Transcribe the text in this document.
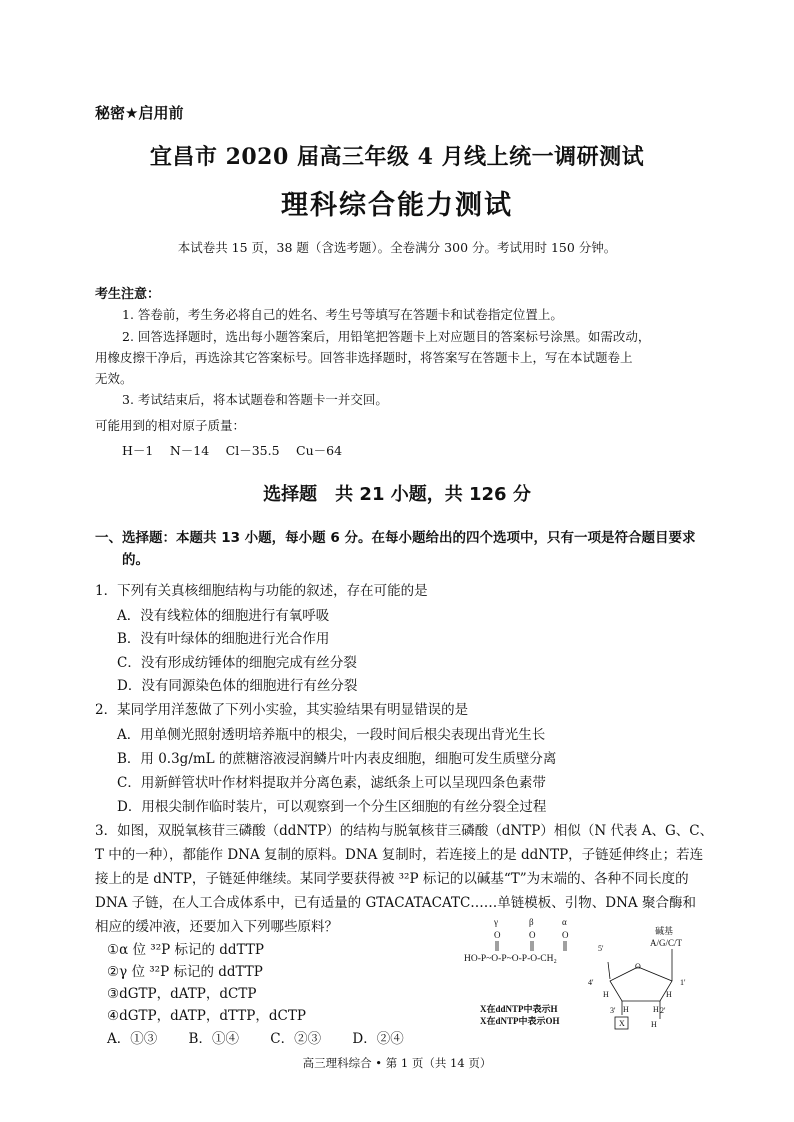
秘密★启用前
宜昌市 2020 届高三年级 4 月线上统一调研测试
理科综合能力测试
本试卷共 15 页，38 题（含选考题）。全卷满分 300 分。考试用时 150 分钟。
考生注意：
1. 答卷前，考生务必将自己的姓名、考生号等填写在答题卡和试卷指定位置上。
2. 回答选择题时，选出每小题答案后，用铅笔把答题卡上对应题目的答案标号涂黑。如需改动，
用橡皮擦干净后，再选涂其它答案标号。回答非选择题时，将答案写在答题卡上，写在本试题卷上
无效。
3. 考试结束后，将本试题卷和答题卡一并交回。
可能用到的相对原子质量：
H－1　 N－14　 Cl－35.5　 Cu－64
选择题　共 21 小题，共 126 分
一、选择题：本题共 13 小题，每小题 6 分。在每小题给出的四个选项中，只有一项是符合题目要求
的。
1．下列有关真核细胞结构与功能的叙述，存在可能的是
A．没有线粒体的细胞进行有氧呼吸
B．没有叶绿体的细胞进行光合作用
C．没有形成纺锤体的细胞完成有丝分裂
D．没有同源染色体的细胞进行有丝分裂
2．某同学用洋葱做了下列小实验，其实验结果有明显错误的是
A．用单侧光照射透明培养瓶中的根尖，一段时间后根尖表现出背光生长
B．用 0.3g/mL 的蔗糖溶液浸润鳞片叶内表皮细胞，细胞可发生质壁分离
C．用新鲜管状叶作材料提取并分离色素，滤纸条上可以呈现四条色素带
D．用根尖制作临时装片，可以观察到一个分生区细胞的有丝分裂全过程
3．如图，双脱氧核苷三磷酸（ddNTP）的结构与脱氧核苷三磷酸（dNTP）相似（N 代表 A、G、C、
T 中的一种），都能作 DNA 复制的原料。DNA 复制时，若连接上的是 ddNTP，子链延伸终止；若连
接上的是 dNTP，子链延伸继续。某同学要获得被 ³²P 标记的以碱基“T”为末端的、各种不同长度的
DNA 子链，在人工合成体系中，已有适量的 GTACATACATC……单链模板、引物、DNA 聚合酶和
相应的缓冲液，还要加入下列哪些原料？
①α 位 ³²P 标记的 ddTTP
②γ 位 ³²P 标记的 ddTTP
③dGTP，dATP，dCTP
④dGTP，dATP，dTTP，dCTP
A．①③　　 B．①④　　 C．②③　　 D．②④
γ	β	α
O	O	O
HO-P~O-P~O-P-O-CH₂
碱基
A/G/C/T
5'
4'	1'
3'	2'
O
H	H
H	H
H
X
X在ddNTP中表示H
X在dNTP中表示OH
高三理科综合 • 第 1 页（共 14 页）
